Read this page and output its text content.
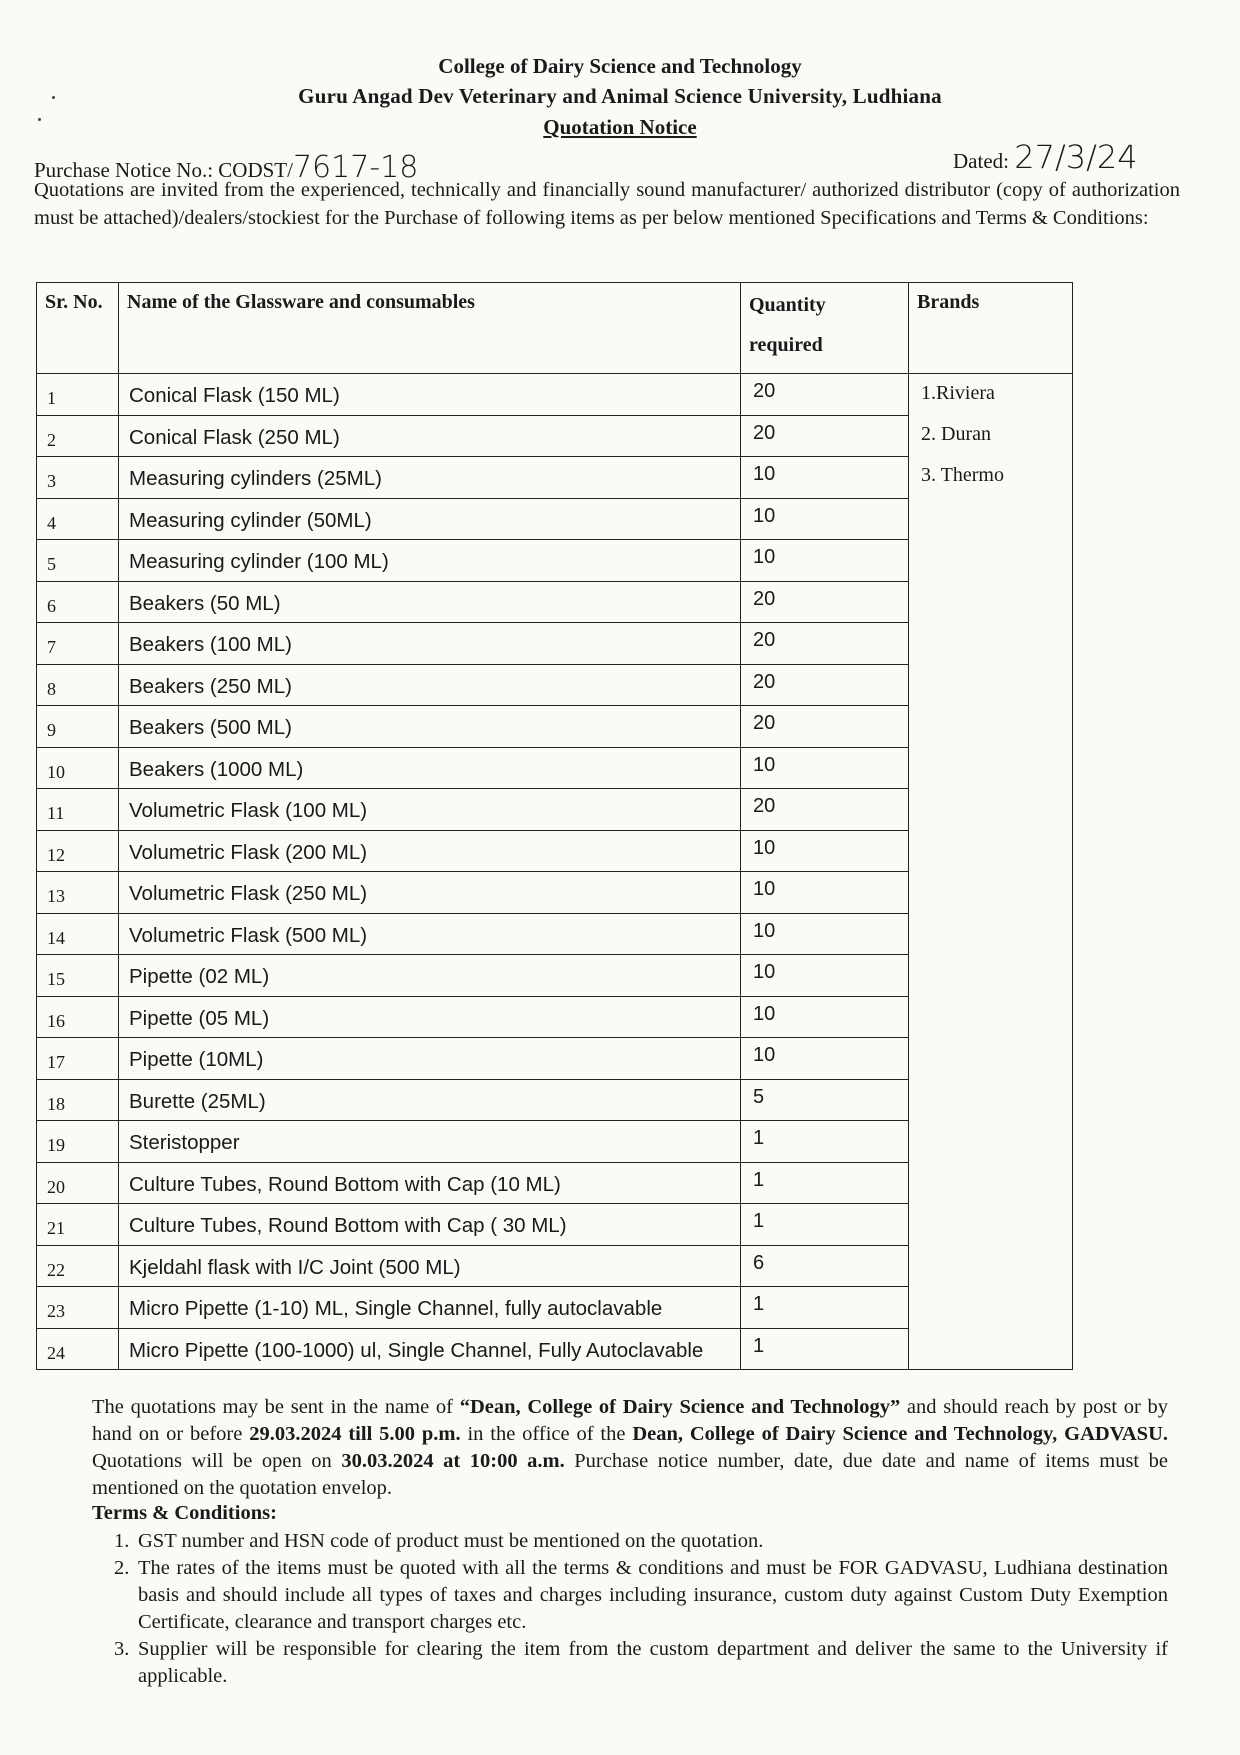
College of Dairy Science and Technology
Guru Angad Dev Veterinary and Animal Science University, Ludhiana
Quotation Notice
Purchase Notice No.: CODST/7617-18	Dated: 27/3/24
Quotations are invited from the experienced, technically and financially sound manufacturer/ authorized distributor (copy of authorization must be attached)/dealers/stockiest for the Purchase of following items as per below mentioned Specifications and Terms & Conditions:
Sr. No.	Name of the Glassware and consumables	Quantity
required	Brands
1	Conical Flask (150 ML)	20	1.Riviera
2. Duran
3. Thermo

2	Conical Flask (250 ML)	20	
3	Measuring cylinders (25ML)	10	
4	Measuring cylinder (50ML)	10	
5	Measuring cylinder (100 ML)	10	
6	Beakers (50 ML)	20	
7	Beakers (100 ML)	20	
8	Beakers (250 ML)	20	
9	Beakers (500 ML)	20	
10	Beakers (1000 ML)	10	
11	Volumetric Flask (100 ML)	20	
12	Volumetric Flask (200 ML)	10	
13	Volumetric Flask (250 ML)	10	
14	Volumetric Flask (500 ML)	10	
15	Pipette (02 ML)	10	
16	Pipette (05 ML)	10	
17	Pipette (10ML)	10	
18	Burette (25ML)	5	
19	Steristopper	1	
20	Culture Tubes, Round Bottom with Cap (10 ML)	1	
21	Culture Tubes, Round Bottom with Cap ( 30 ML)	1	
22	Kjeldahl flask with I/C Joint (500 ML)	6	
23	Micro Pipette (1-10) ML, Single Channel, fully autoclavable	1	
24	Micro Pipette (100-1000) ul, Single Channel, Fully Autoclavable	1	
The quotations may be sent in the name of “Dean, College of Dairy Science and Technology” and should reach by post or by hand on or before 29.03.2024 till 5.00 p.m. in the office of the Dean, College of Dairy Science and Technology, GADVASU. Quotations will be open on 30.03.2024 at 10:00 a.m. Purchase notice number, date, due date and name of items must be mentioned on the quotation envelop.
Terms & Conditions:
1. GST number and HSN code of product must be mentioned on the quotation.
2. The rates of the items must be quoted with all the terms & conditions and must be FOR GADVASU, Ludhiana destination basis and should include all types of taxes and charges including insurance, custom duty against Custom Duty Exemption Certificate, clearance and transport charges etc.
3. Supplier will be responsible for clearing the item from the custom department and deliver the same to the University if applicable.
